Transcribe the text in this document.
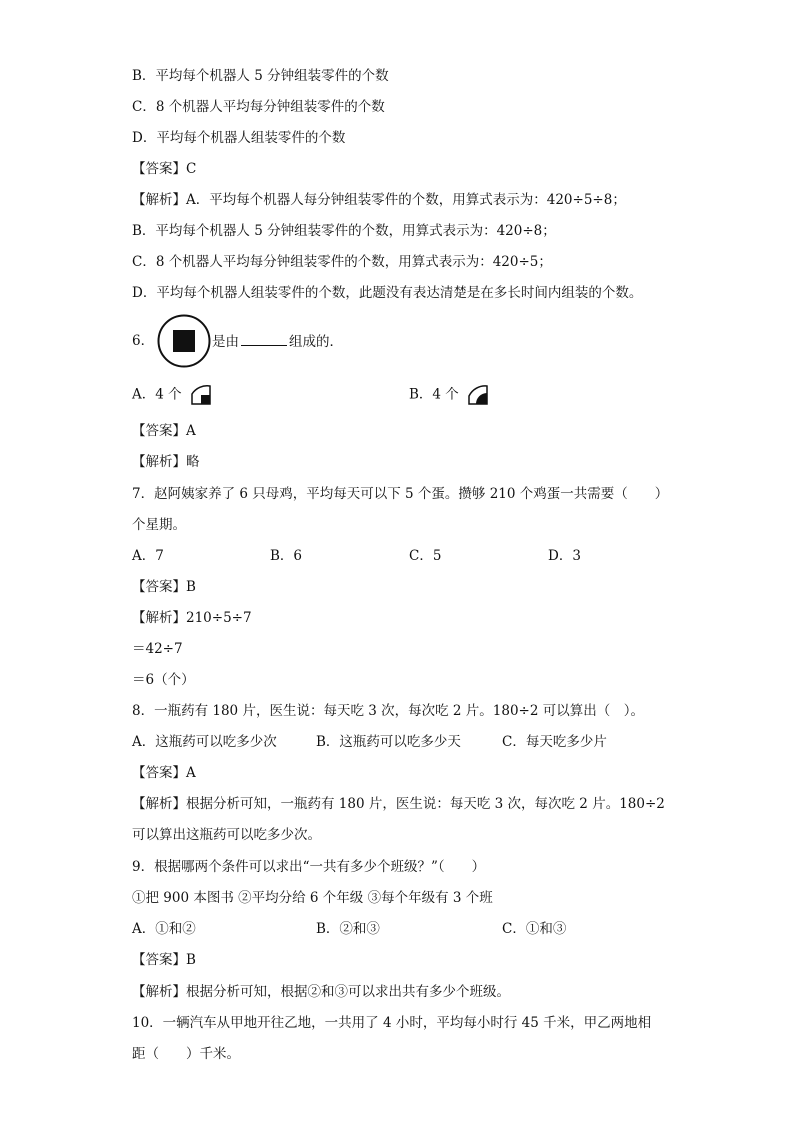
B．平均每个机器人 5 分钟组装零件的个数
C．8 个机器人平均每分钟组装零件的个数
D．平均每个机器人组装零件的个数
【答案】C
【解析】A．平均每个机器人每分钟组装零件的个数，用算式表示为：420÷5÷8；
B．平均每个机器人 5 分钟组装零件的个数，用算式表示为：420÷8；
C．8 个机器人平均每分钟组装零件的个数，用算式表示为：420÷5；
D．平均每个机器人组装零件的个数，此题没有表达清楚是在多长时间内组装的个数。
6．	是由	组成的．
A．4 个	B．4 个
【答案】A
【解析】略
7．赵阿姨家养了 6 只母鸡，平均每天可以下 5 个蛋。攒够 210 个鸡蛋一共需要（　　）
个星期。
A．7	B．6	C．5	D．3
【答案】B
【解析】210÷5÷7
＝42÷7
＝6（个）
8．一瓶药有 180 片，医生说：每天吃 3 次，每次吃 2 片。180÷2 可以算出（　）。
A．这瓶药可以吃多少次	B．这瓶药可以吃多少天	C．每天吃多少片
【答案】A
【解析】根据分析可知，一瓶药有 180 片，医生说：每天吃 3 次，每次吃 2 片。180÷2
可以算出这瓶药可以吃多少次。
9．根据哪两个条件可以求出“一共有多少个班级？”（　　）
①把 900 本图书 ②平均分给 6 个年级 ③每个年级有 3 个班
A．①和②	B．②和③	C．①和③
【答案】B
【解析】根据分析可知，根据②和③可以求出共有多少个班级。
10．一辆汽车从甲地开往乙地，一共用了 4 小时，平均每小时行 45 千米，甲乙两地相
距（　　）千米。
